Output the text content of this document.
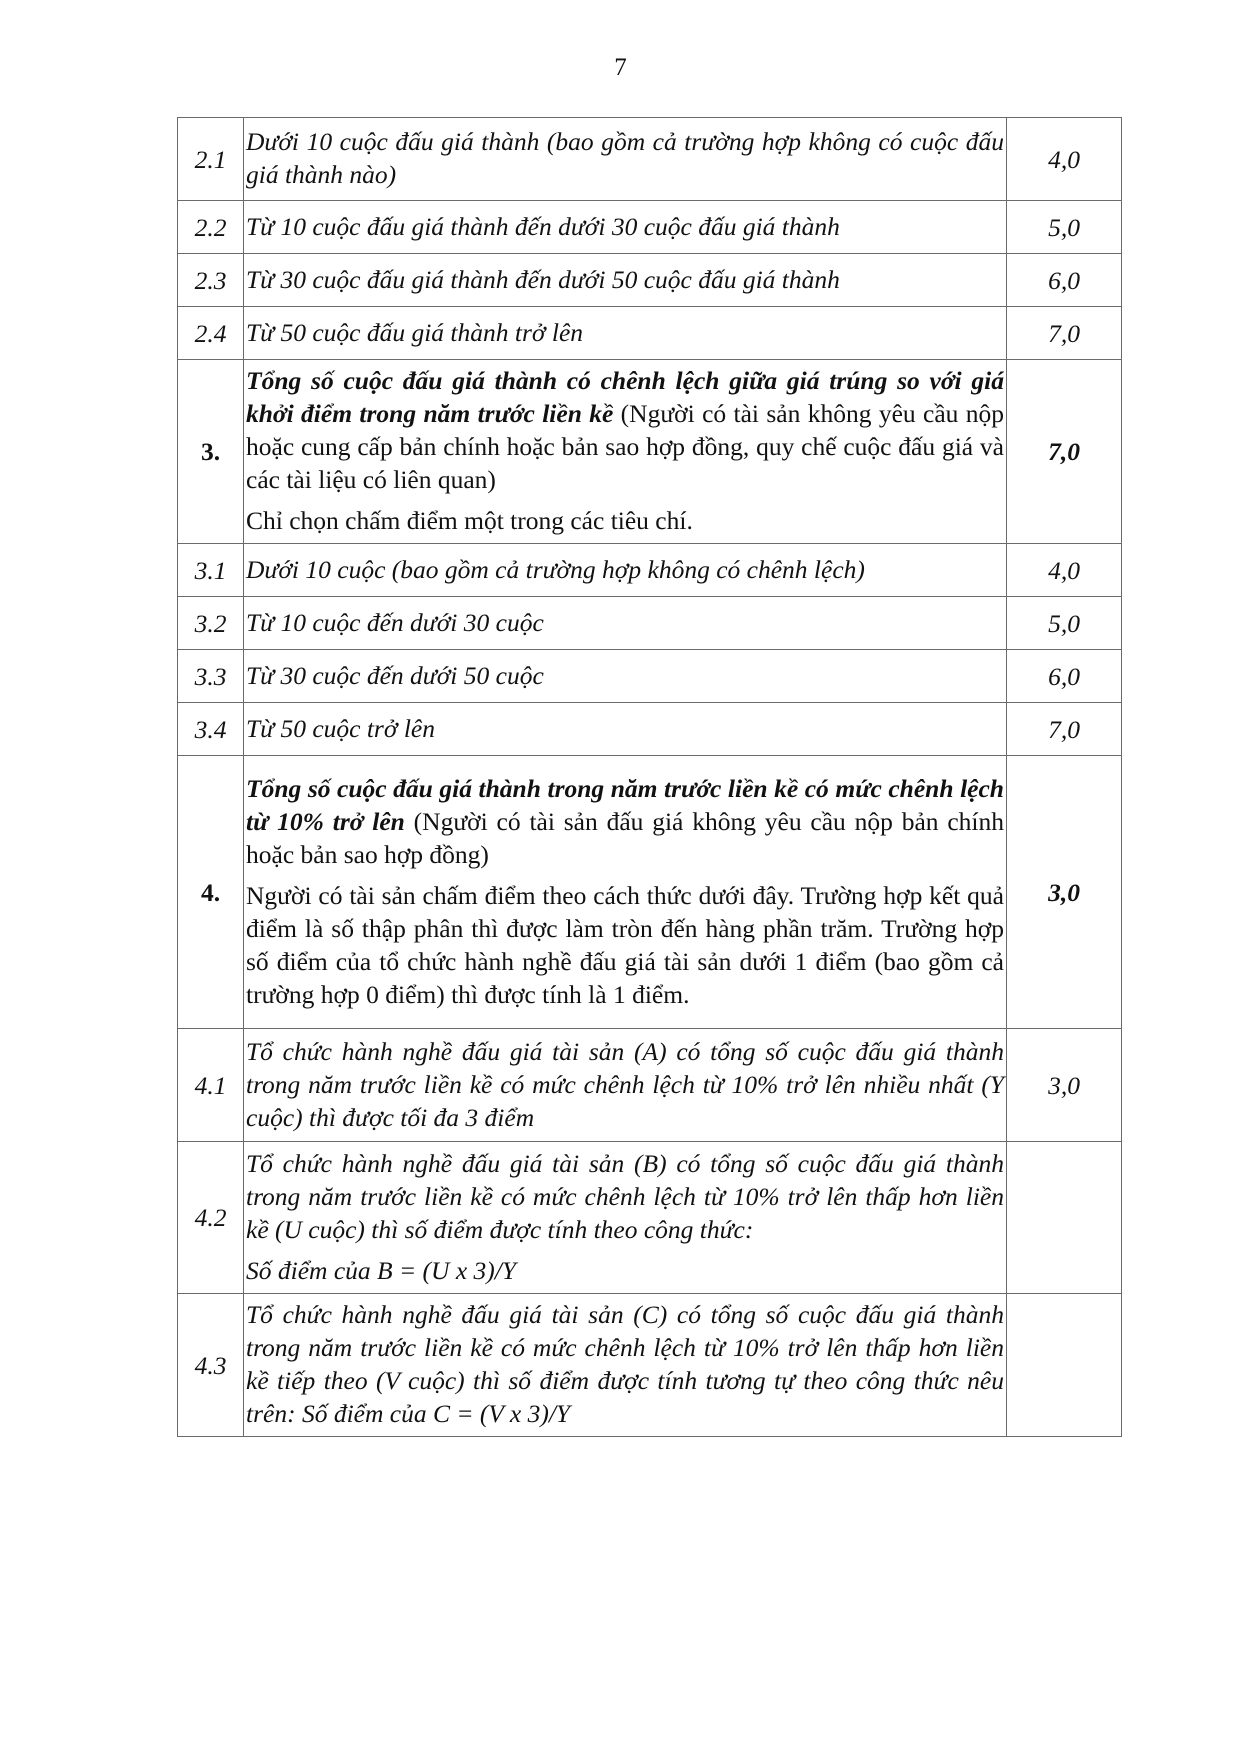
7
2.1	Dưới 10 cuộc đấu giá thành (bao gồm cả trường hợp không có cuộc đấu giá thành nào)	4,0
2.2	Từ 10 cuộc đấu giá thành đến dưới 30 cuộc đấu giá thành	5,0
2.3	Từ 30 cuộc đấu giá thành đến dưới 50 cuộc đấu giá thành	6,0
2.4	Từ 50 cuộc đấu giá thành trở lên	7,0
3.	Tổng số cuộc đấu giá thành có chênh lệch giữa giá trúng so với giá khởi điểm trong năm trước liền kề (Người có tài sản không yêu cầu nộp hoặc cung cấp bản chính hoặc bản sao hợp đồng, quy chế cuộc đấu giá và các tài liệu có liên quan)

Chỉ chọn chấm điểm một trong các tiêu chí.	7,0
3.1	Dưới 10 cuộc (bao gồm cả trường hợp không có chênh lệch)	4,0
3.2	Từ 10 cuộc đến dưới 30 cuộc	5,0
3.3	Từ 30 cuộc đến dưới 50 cuộc	6,0
3.4	Từ 50 cuộc trở lên	7,0
4.	Tổng số cuộc đấu giá thành trong năm trước liền kề có mức chênh lệch từ 10% trở lên (Người có tài sản đấu giá không yêu cầu nộp bản chính hoặc bản sao hợp đồng)

Người có tài sản chấm điểm theo cách thức dưới đây. Trường hợp kết quả điểm là số thập phân thì được làm tròn đến hàng phần trăm. Trường hợp số điểm của tổ chức hành nghề đấu giá tài sản dưới 1 điểm (bao gồm cả trường hợp 0 điểm) thì được tính là 1 điểm.	3,0
4.1	Tổ chức hành nghề đấu giá tài sản (A) có tổng số cuộc đấu giá thành trong năm trước liền kề có mức chênh lệch từ 10% trở lên nhiều nhất (Y cuộc) thì được tối đa 3 điểm	3,0
4.2	Tổ chức hành nghề đấu giá tài sản (B) có tổng số cuộc đấu giá thành trong năm trước liền kề có mức chênh lệch từ 10% trở lên thấp hơn liền kề (U cuộc) thì số điểm được tính theo công thức:

Số điểm của B = (U x 3)/Y	

4.3	Tổ chức hành nghề đấu giá tài sản (C) có tổng số cuộc đấu giá thành trong năm trước liền kề có mức chênh lệch từ 10% trở lên thấp hơn liền kề tiếp theo (V cuộc) thì số điểm được tính tương tự theo công thức nêu trên: Số điểm của C = (V x 3)/Y	
